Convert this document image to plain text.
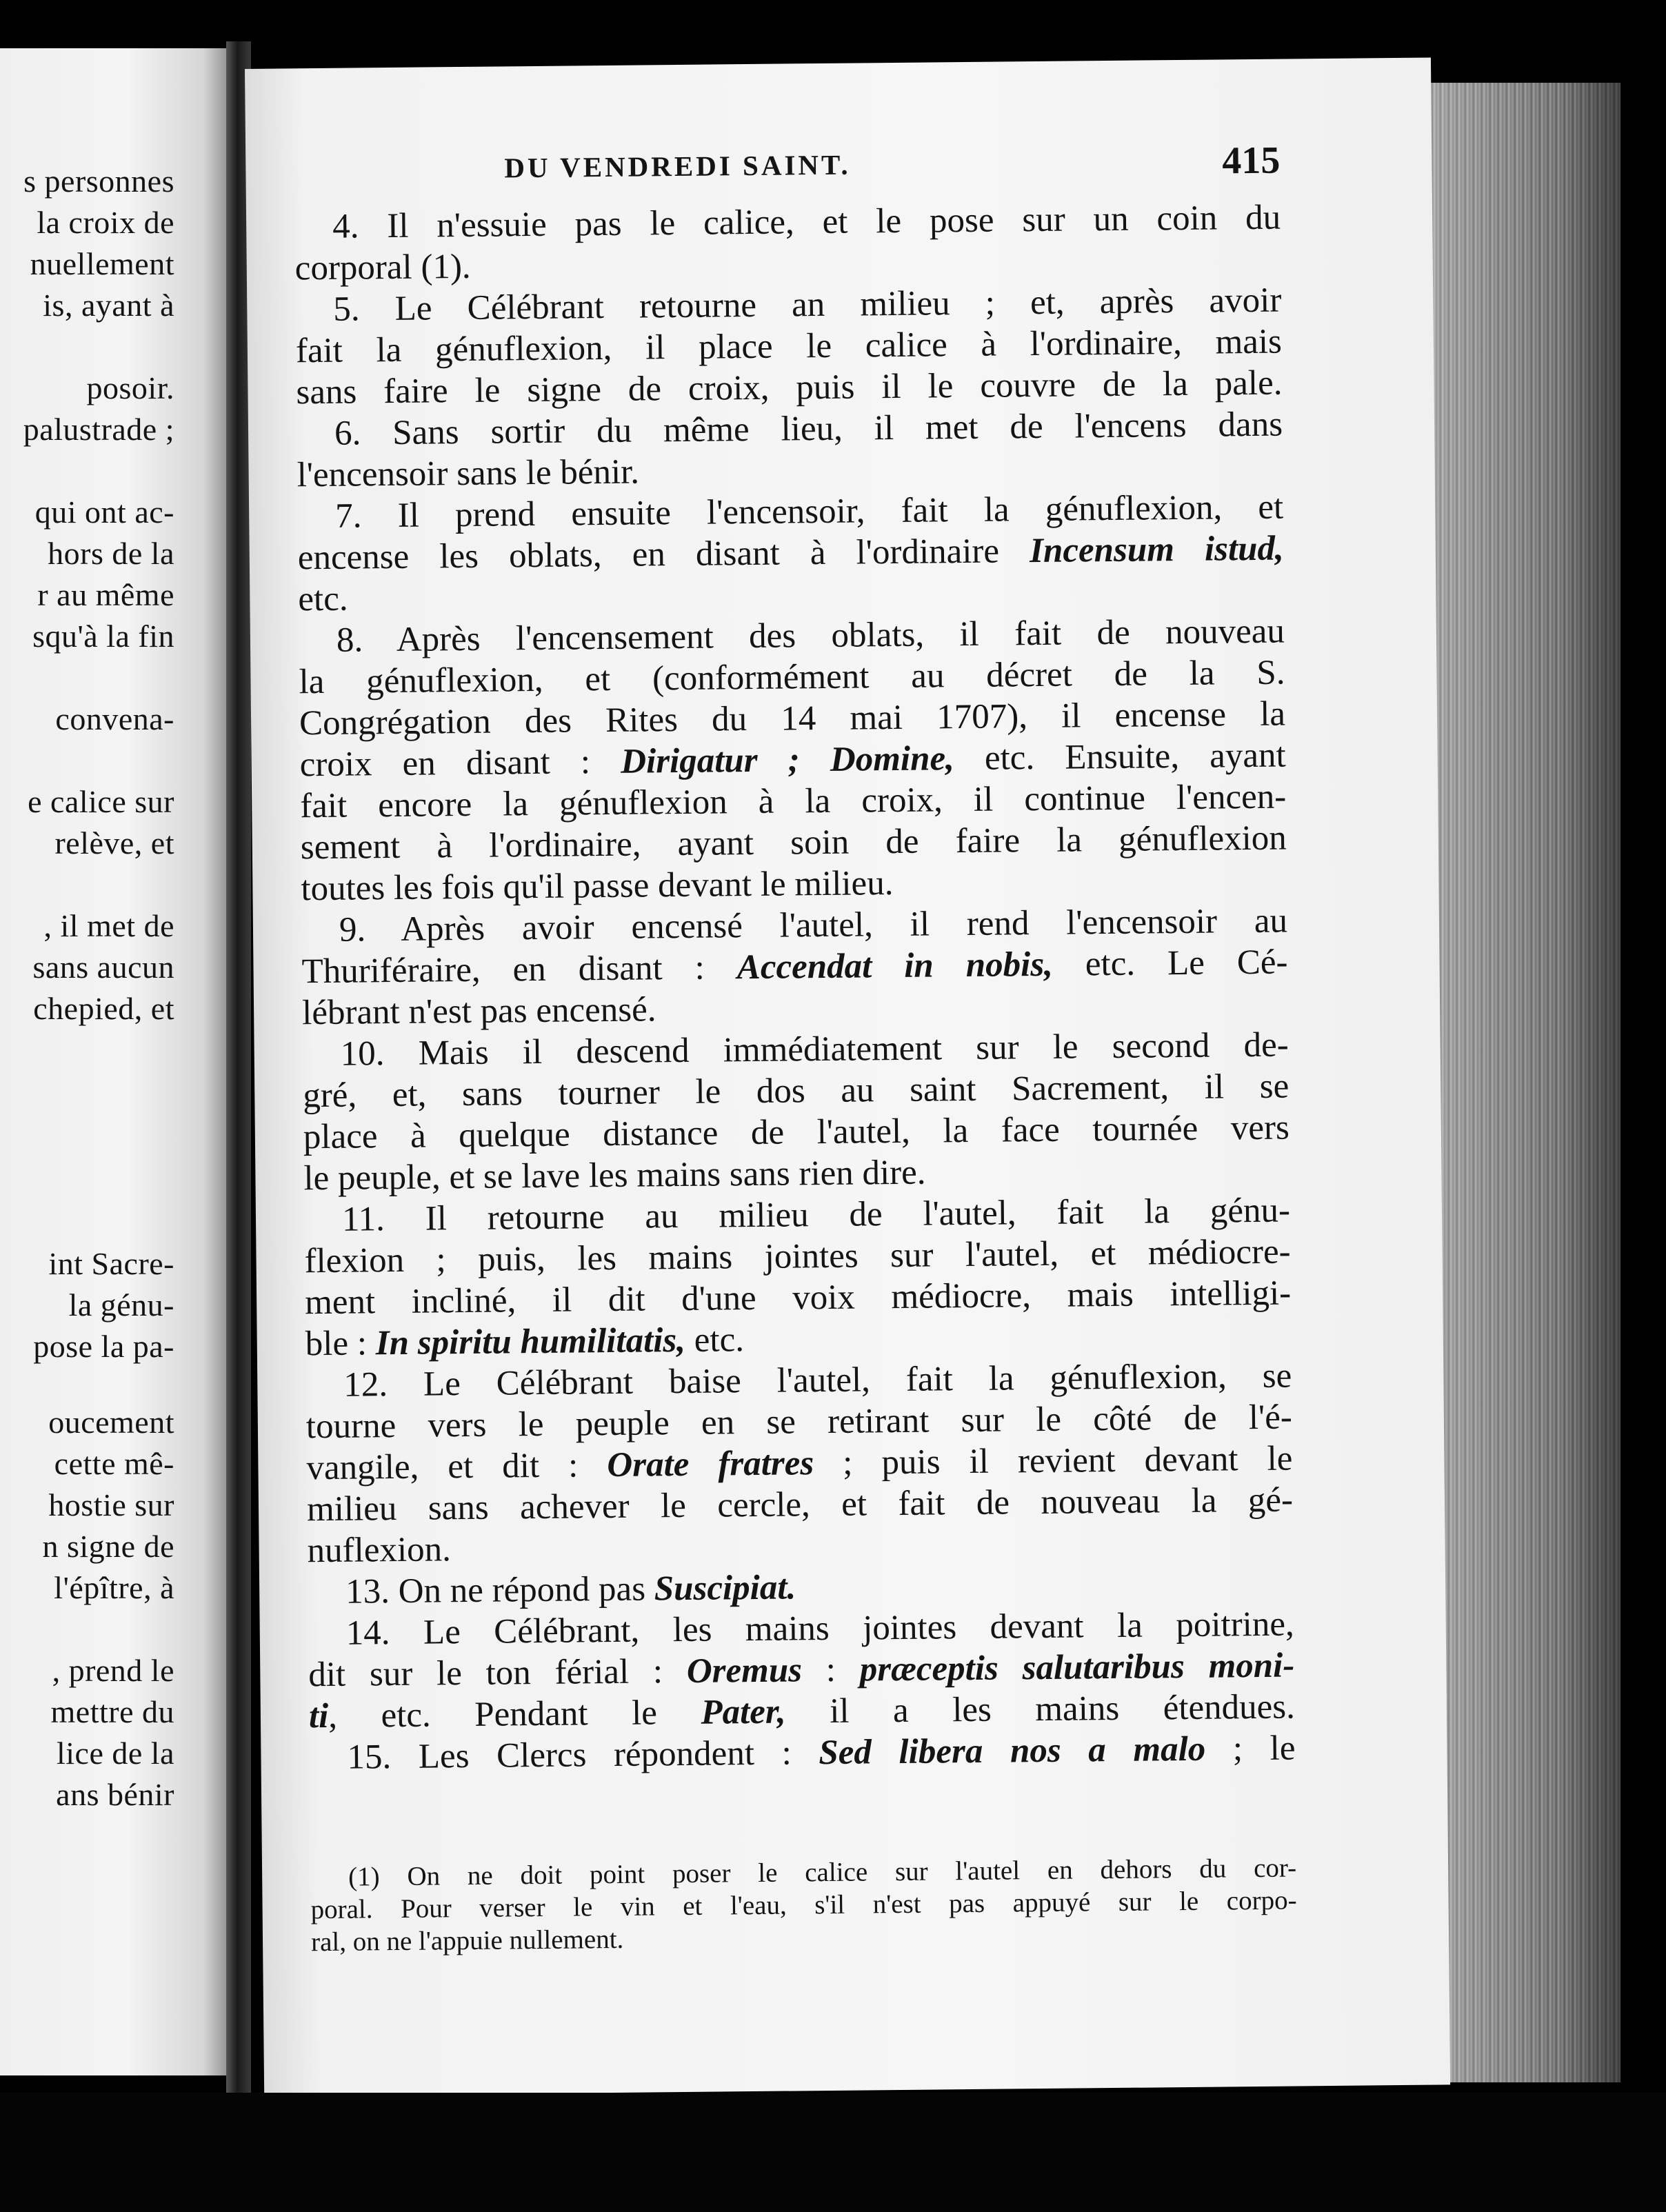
s personnes
la croix de
nuellement
is, ayant à
posoir.
palustrade ;
qui ont ac-
hors de la
r au même
squ'à la fin
convena-
e calice sur
relève, et
, il met de
sans aucun
chepied, et
int Sacre-
la génu-
pose la pa-
oucement
cette mê-
hostie sur
n signe de
l'épître, à
, prend le
mettre du
lice de la
ans bénir
DU VENDREDI SAINT.	415
4. Il n'essuie pas le calice, et le pose sur un coin du
corporal (1).
5. Le Célébrant retourne an milieu ; et, après avoir
fait la génuflexion, il place le calice à l'ordinaire, mais
sans faire le signe de croix, puis il le couvre de la pale.
6. Sans sortir du même lieu, il met de l'encens dans
l'encensoir sans le bénir.
7. Il prend ensuite l'encensoir, fait la génuflexion, et
encense les oblats, en disant à l'ordinaire Incensum istud,
etc.
8. Après l'encensement des oblats, il fait de nouveau
la génuflexion, et (conformément au décret de la S.
Congrégation des Rites du 14 mai 1707), il encense la
croix en disant : Dirigatur ; Domine, etc. Ensuite, ayant
fait encore la génuflexion à la croix, il continue l'encen-
sement à l'ordinaire, ayant soin de faire la génuflexion
toutes les fois qu'il passe devant le milieu.
9. Après avoir encensé l'autel, il rend l'encensoir au
Thuriféraire, en disant : Accendat in nobis, etc. Le Cé-
lébrant n'est pas encensé.
10. Mais il descend immédiatement sur le second de-
gré, et, sans tourner le dos au saint Sacrement, il se
place à quelque distance de l'autel, la face tournée vers
le peuple, et se lave les mains sans rien dire.
11. Il retourne au milieu de l'autel, fait la génu-
flexion ; puis, les mains jointes sur l'autel, et médiocre-
ment incliné, il dit d'une voix médiocre, mais intelligi-
ble : In spiritu humilitatis, etc.
12. Le Célébrant baise l'autel, fait la génuflexion, se
tourne vers le peuple en se retirant sur le côté de l'é-
vangile, et dit : Orate fratres ; puis il revient devant le
milieu sans achever le cercle, et fait de nouveau la gé-
nuflexion.
13. On ne répond pas Suscipiat.
14. Le Célébrant, les mains jointes devant la poitrine,
dit sur le ton férial : Oremus : præceptis salutaribus moni-
ti, etc. Pendant le Pater, il a les mains étendues.
15. Les Clercs répondent : Sed libera nos a malo ; le
(1) On ne doit point poser le calice sur l'autel en dehors du cor-
poral. Pour verser le vin et l'eau, s'il n'est pas appuyé sur le corpo-
ral, on ne l'appuie nullement.
